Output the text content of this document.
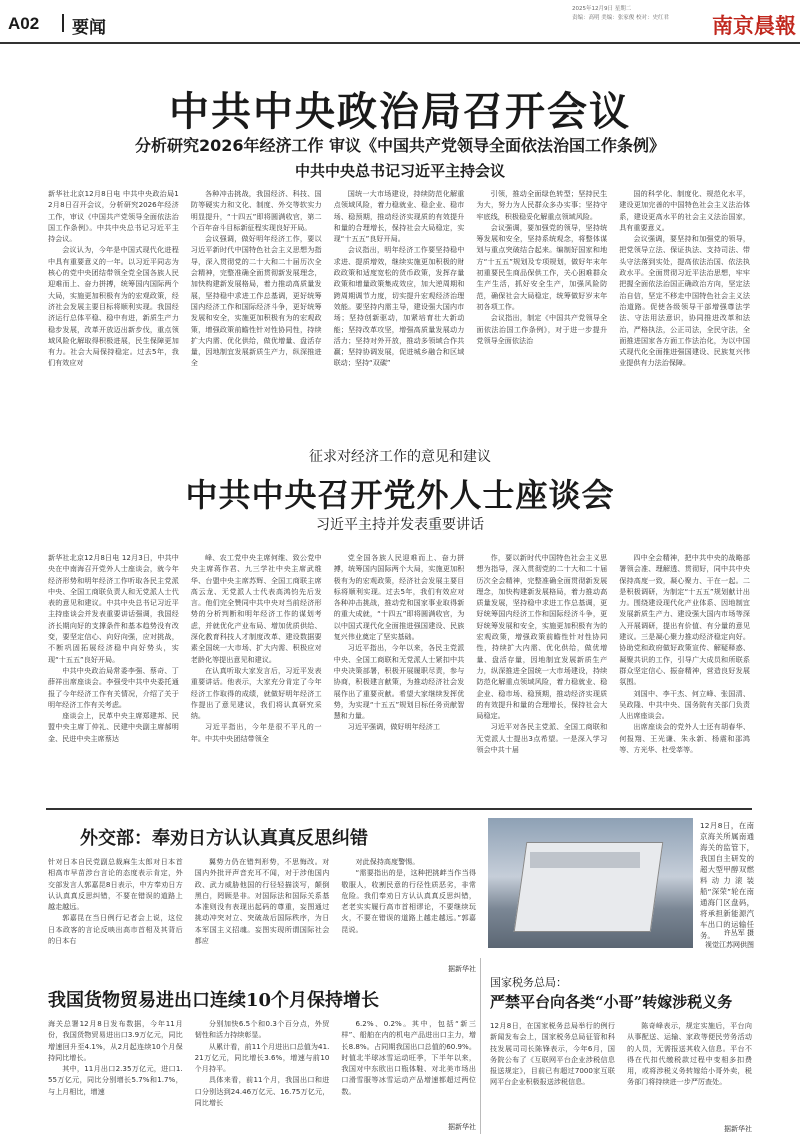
A02 要闻
2025年12月9日 星期二
责编：高明 美编：张家俊 校对：史红君	南京晨報
中共中央政治局召开会议
分析研究2026年经济工作 审议《中国共产党领导全面依法治国工作条例》
中共中央总书记习近平主持会议

新华社北京12月8日电 中共中央政治局12月8日召开会议，分析研究2026年经济工作，审议《中国共产党领导全面依法治国工作条例》。中共中央总书记习近平主持会议。

会议认为，今年是中国式现代化进程中具有重要意义的一年。以习近平同志为核心的党中央团结带领全党全国各族人民迎难而上、奋力拼搏，统筹国内国际两个大局，实施更加积极有为的宏观政策，经济社会发展主要目标将顺利实现。我国经济运行总体平稳、稳中有进，新质生产力稳步发展，改革开放迈出新步伐，重点领域风险化解取得积极进展，民生保障更加有力。社会大局保持稳定。过去5年，我们有效应对

各种冲击挑战，我国经济、科技、国防等硬实力和文化、制度、外交等软实力明显提升，“十四五”即将圆满收官，第二个百年奋斗目标新征程实现良好开局。

会议强调，做好明年经济工作，要以习近平新时代中国特色社会主义思想为指导，深入贯彻党的二十大和二十届历次全会精神，完整准确全面贯彻新发展理念，加快构建新发展格局，着力推动高质量发展，坚持稳中求进工作总基调，更好统筹国内经济工作和国际经济斗争，更好统筹发展和安全，实施更加积极有为的宏观政策，增强政策前瞻性针对性协同性，持续扩大内需、优化供给，做优增量、盘活存量，因地制宜发展新质生产力，纵深推进全

国统一大市场建设，持续防范化解重点领域风险，着力稳就业、稳企业、稳市场、稳预期，推动经济实现质的有效提升和量的合理增长，保持社会大局稳定，实现“十五五”良好开局。

会议指出，明年经济工作要坚持稳中求进、提质增效，继续实施更加积极的财政政策和适度宽松的货币政策，发挥存量政策和增量政策集成效应，加大逆周期和跨周期调节力度，切实提升宏观经济治理效能。要坚持内需主导，建设强大国内市场；坚持创新驱动，加紧培育壮大新动能；坚持改革攻坚，增强高质量发展动力活力；坚持对外开放，推动多领域合作共赢；坚持协调发展，促进城乡融合和区域联动；坚持“双碳”

引领，推动全面绿色转型；坚持民生为大，努力为人民群众多办实事；坚持守牢底线，积极稳妥化解重点领域风险。

会议强调，要加强党的领导，坚持统筹发展和安全，坚持系统观念，将整体谋划与重点突破结合起来。编制好国家和地方“十五五”规划及专项规划，做好年末年初重要民生商品保供工作，关心困难群众生产生活，抓好安全生产，加强风险防范，确保社会大局稳定，统筹做好岁末年初各项工作。

会议指出，制定《中国共产党领导全面依法治国工作条例》，对于进一步提升党领导全面依法治

国的科学化、制度化、规范化水平，建设更加完善的中国特色社会主义法治体系，建设更高水平的社会主义法治国家，具有重要意义。

会议强调，要坚持和加强党的领导，把党领导立法、保证执法、支持司法、带头守法落到实处，提高依法治国、依法执政水平。全面贯彻习近平法治思想，牢牢把握全面依法治国正确政治方向，坚定法治自信，坚定不移走中国特色社会主义法治道路。促使各级领导干部增强尊法学法、守法用法意识，协同推进改革和法治，严格执法，公正司法，全民守法，全面推进国家各方面工作法治化，为以中国式现代化全面推进强国建设、民族复兴伟业提供有力法治保障。

征求对经济工作的意见和建议
中共中央召开党外人士座谈会
习近平主持并发表重要讲话

新华社北京12月8日电 12月3日，中共中央在中南海召开党外人士座谈会，就今年经济形势和明年经济工作听取各民主党派中央、全国工商联负责人和无党派人士代表的意见和建议。中共中央总书记习近平主持座谈会并发表重要讲话强调，我国经济长期向好的支撑条件和基本趋势没有改变，要坚定信心、向好向强，应对挑战，不断巩固拓展经济稳中向好势头，实现“十五五”良好开局。

中共中央政治局常委李强、蔡奇、丁薛祥出席座谈会。李强受中共中央委托通报了今年经济工作有关情况，介绍了关于明年经济工作有关考虑。

座谈会上，民革中央主席郑建邦、民盟中央主席丁仲礼、民建中央副主席郝明金、民进中央主席蔡达

峰、农工党中央主席何维、致公党中央主席蒋作君、九三学社中央主席武维华、台盟中央主席苏辉、全国工商联主席高云龙、无党派人士代表高鸿钧先后发言。他们完全赞同中共中央对当前经济形势的分析判断和明年经济工作的谋划考虑，并就优化产业布局、增加优质供给、深化教育科技人才制度改革、建设数据要素全国统一大市场、扩大内需、积极应对老龄化等提出意见和建议。

在认真听取大家发言后，习近平发表重要讲话。他表示，大家充分肯定了今年经济工作取得的成绩，就做好明年经济工作提出了意见建议，我们将认真研究采纳。

习近平指出，今年是很不平凡的一年。中共中央团结带领全

党全国各族人民迎难而上、奋力拼搏，统筹国内国际两个大局，实施更加积极有为的宏观政策，经济社会发展主要目标将顺利实现。过去5年，我们有效应对各种冲击挑战，推动党和国家事业取得新的重大成就，“十四五”即将圆满收官，为以中国式现代化全面推进强国建设、民族复兴伟业奠定了坚实基础。

习近平指出，今年以来，各民主党派中央、全国工商联和无党派人士紧扣中共中央决策部署，积极开展履职尽责，参与协商，积极建言献策，为推动经济社会发展作出了重要贡献。希望大家继续发挥优势，为实现“十五五”规划目标任务贡献智慧和力量。

习近平强调，做好明年经济工

作，要以新时代中国特色社会主义思想为指导，深入贯彻党的二十大和二十届历次全会精神，完整准确全面贯彻新发展理念，加快构建新发展格局，着力推动高质量发展，坚持稳中求进工作总基调，更好统筹国内经济工作和国际经济斗争，更好统筹发展和安全，实施更加积极有为的宏观政策，增强政策前瞻性针对性协同性，持续扩大内需、优化供给，做优增量、盘活存量，因地制宜发展新质生产力，纵深推进全国统一大市场建设，持续防范化解重点领域风险，着力稳就业、稳企业、稳市场、稳预期，推动经济实现质的有效提升和量的合理增长，保持社会大局稳定。

习近平对各民主党派、全国工商联和无党派人士提出3点希望。一是深入学习领会中共十届

四中全会精神，把中共中央的战略部署领会准、理解透、贯彻好，同中共中央保持高度一致，凝心聚力、干在一起。二是积极调研，为制定“十五五”规划献计出力。围绕建设现代化产业体系、因地制宜发展新质生产力、建设强大国内市场等深入开展调研，提出有价值、有分量的意见建议。三是凝心聚力推动经济稳定向好。协助党和政府做好政策宣传、解疑释惑、凝聚共识的工作，引导广大成员和所联系群众坚定信心、振奋精神，营造良好发展氛围。

刘国中、李干杰、何立峰、张国清、吴政隆、中共中央、国务院有关部门负责人出席座谈会。

出席座谈会的党外人士还有胡春华、何报翔、王光谦、朱永新、杨震和邵鸿等、方光华、杜受莘等。

外交部：奉劝日方认认真真反思纠错

针对日本自民党副总裁麻生太郎对日本首相高市早苗涉台言论的态度表示肯定，外交部发言人郭嘉昆8日表示，中方奉劝日方认认真真反思纠错，不要在错误的道路上越走越远。

郭嘉昆在当日例行记者会上说，这位日本政客的言论反映出高市首相及其背后的日本右

翼势力仍在错判形势，不思悔改。对国内外批评声音充耳不闻，对于涉他国内政、武力威胁他国的行径轻描淡写，颠倒黑白，罔顾是非。对国际法和国际关系基本准则没有表现出起码的尊重，妄图通过挑动冲突对立、突破战后国际秩序，为日本军国主义招魂。妄图实现所谓国际社会都应

对此保持高度警惕。

“需要指出的是，这种把挑衅当作当得敬服人，收割民意的行径性质恶劣，非常危险。我们奉劝日方认认真真反思纠错，老老实实履行高市首相谬论，不要继续玩火，不要在错误的道路上越走越远。”郭嘉昆说。

据新华社
12月8日，在南京海关所属南通海关的监管下，我国自主研发的超大型甲醇双燃料动力滚装船“深荣”轮在南通海门区盘码，将承担新能源汽车出口的运输任务。	许丛军 摄
视觉江苏网供图
我国货物贸易进出口连续10个月保持增长

海关总署12月8日发布数据，今年11月份，我国货物贸易进出口3.9万亿元，同比增速回升至4.1%，从2月起连续10个月保持同比增长。

其中，11月出口2.35万亿元，进口1.55万亿元，同比分别增长5.7%和1.7%，与上月相比，增速

分别加快6.5个和0.3个百分点，外贸韧性和活力持续彰显。

从累计看，前11个月进出口总值为41.21万亿元，同比增长3.6%，增速与前10个月持平。

具体来看，前11个月，我国出口和进口分别达到24.46万亿元、16.75万亿元，同比增长

6.2%、0.2%。其中，包括“新三样”、船舶在内的机电产品进出口主力，增长8.8%。占同期我国出口总值的60.9%。时值北半球冰雪运动旺季，下半年以来，我国对中东欧出口瓶体鞋、对北美市场出口滑雪服等冰雪运动产品增速都超过两位数。

据新华社
国家税务总局：
严禁平台向各类“小哥”转嫁涉税义务

12月8日，在国家税务总局举行的例行新闻发布会上，国家税务总局征管和科技发展司司长陈锋表示，今年6月，国务院公布了《互联网平台企业涉税信息报送规定》，目前已有超过7000家互联网平台企业积极报送涉税信息。

陈奇峰表示，规定实施后，平台向从事配送、运输、家政等便民劳务活动的人员，无需报送其收入信息。平台不得在代扣代缴税款过程中变相多扣费用，或将涉税义务转嫁给小哥外卖，税务部门将持续进一步严厉查处。

据新华社
